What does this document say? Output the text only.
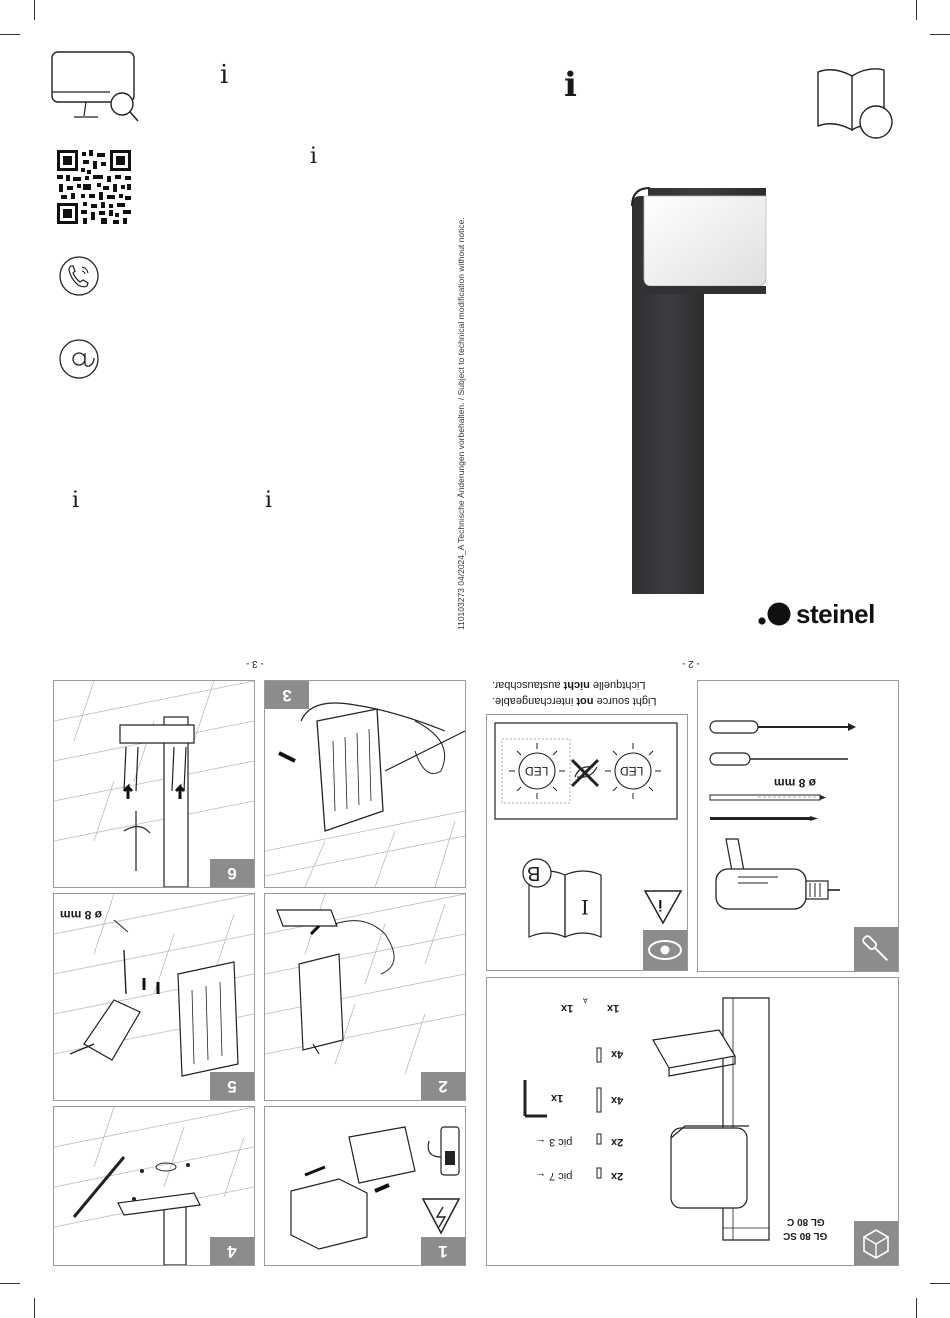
i	i
i
i	i	110103273 04/2024_A Technische Änderungen vorbehalten. / Subject to technical modification without notice.	steinel
- 3 -	- 2 -
Light source not interchangeable.
Lichtquelle nicht austauschbar.
B
I	i
LED	LED
ø 8 mm
GL 80 SC
GL 80 C
1x
1x
A
4x
4x
1x
2x
pic 3 ←
2x
pic 7 ←
3
6
2
ø 8 mm
5
1
4
